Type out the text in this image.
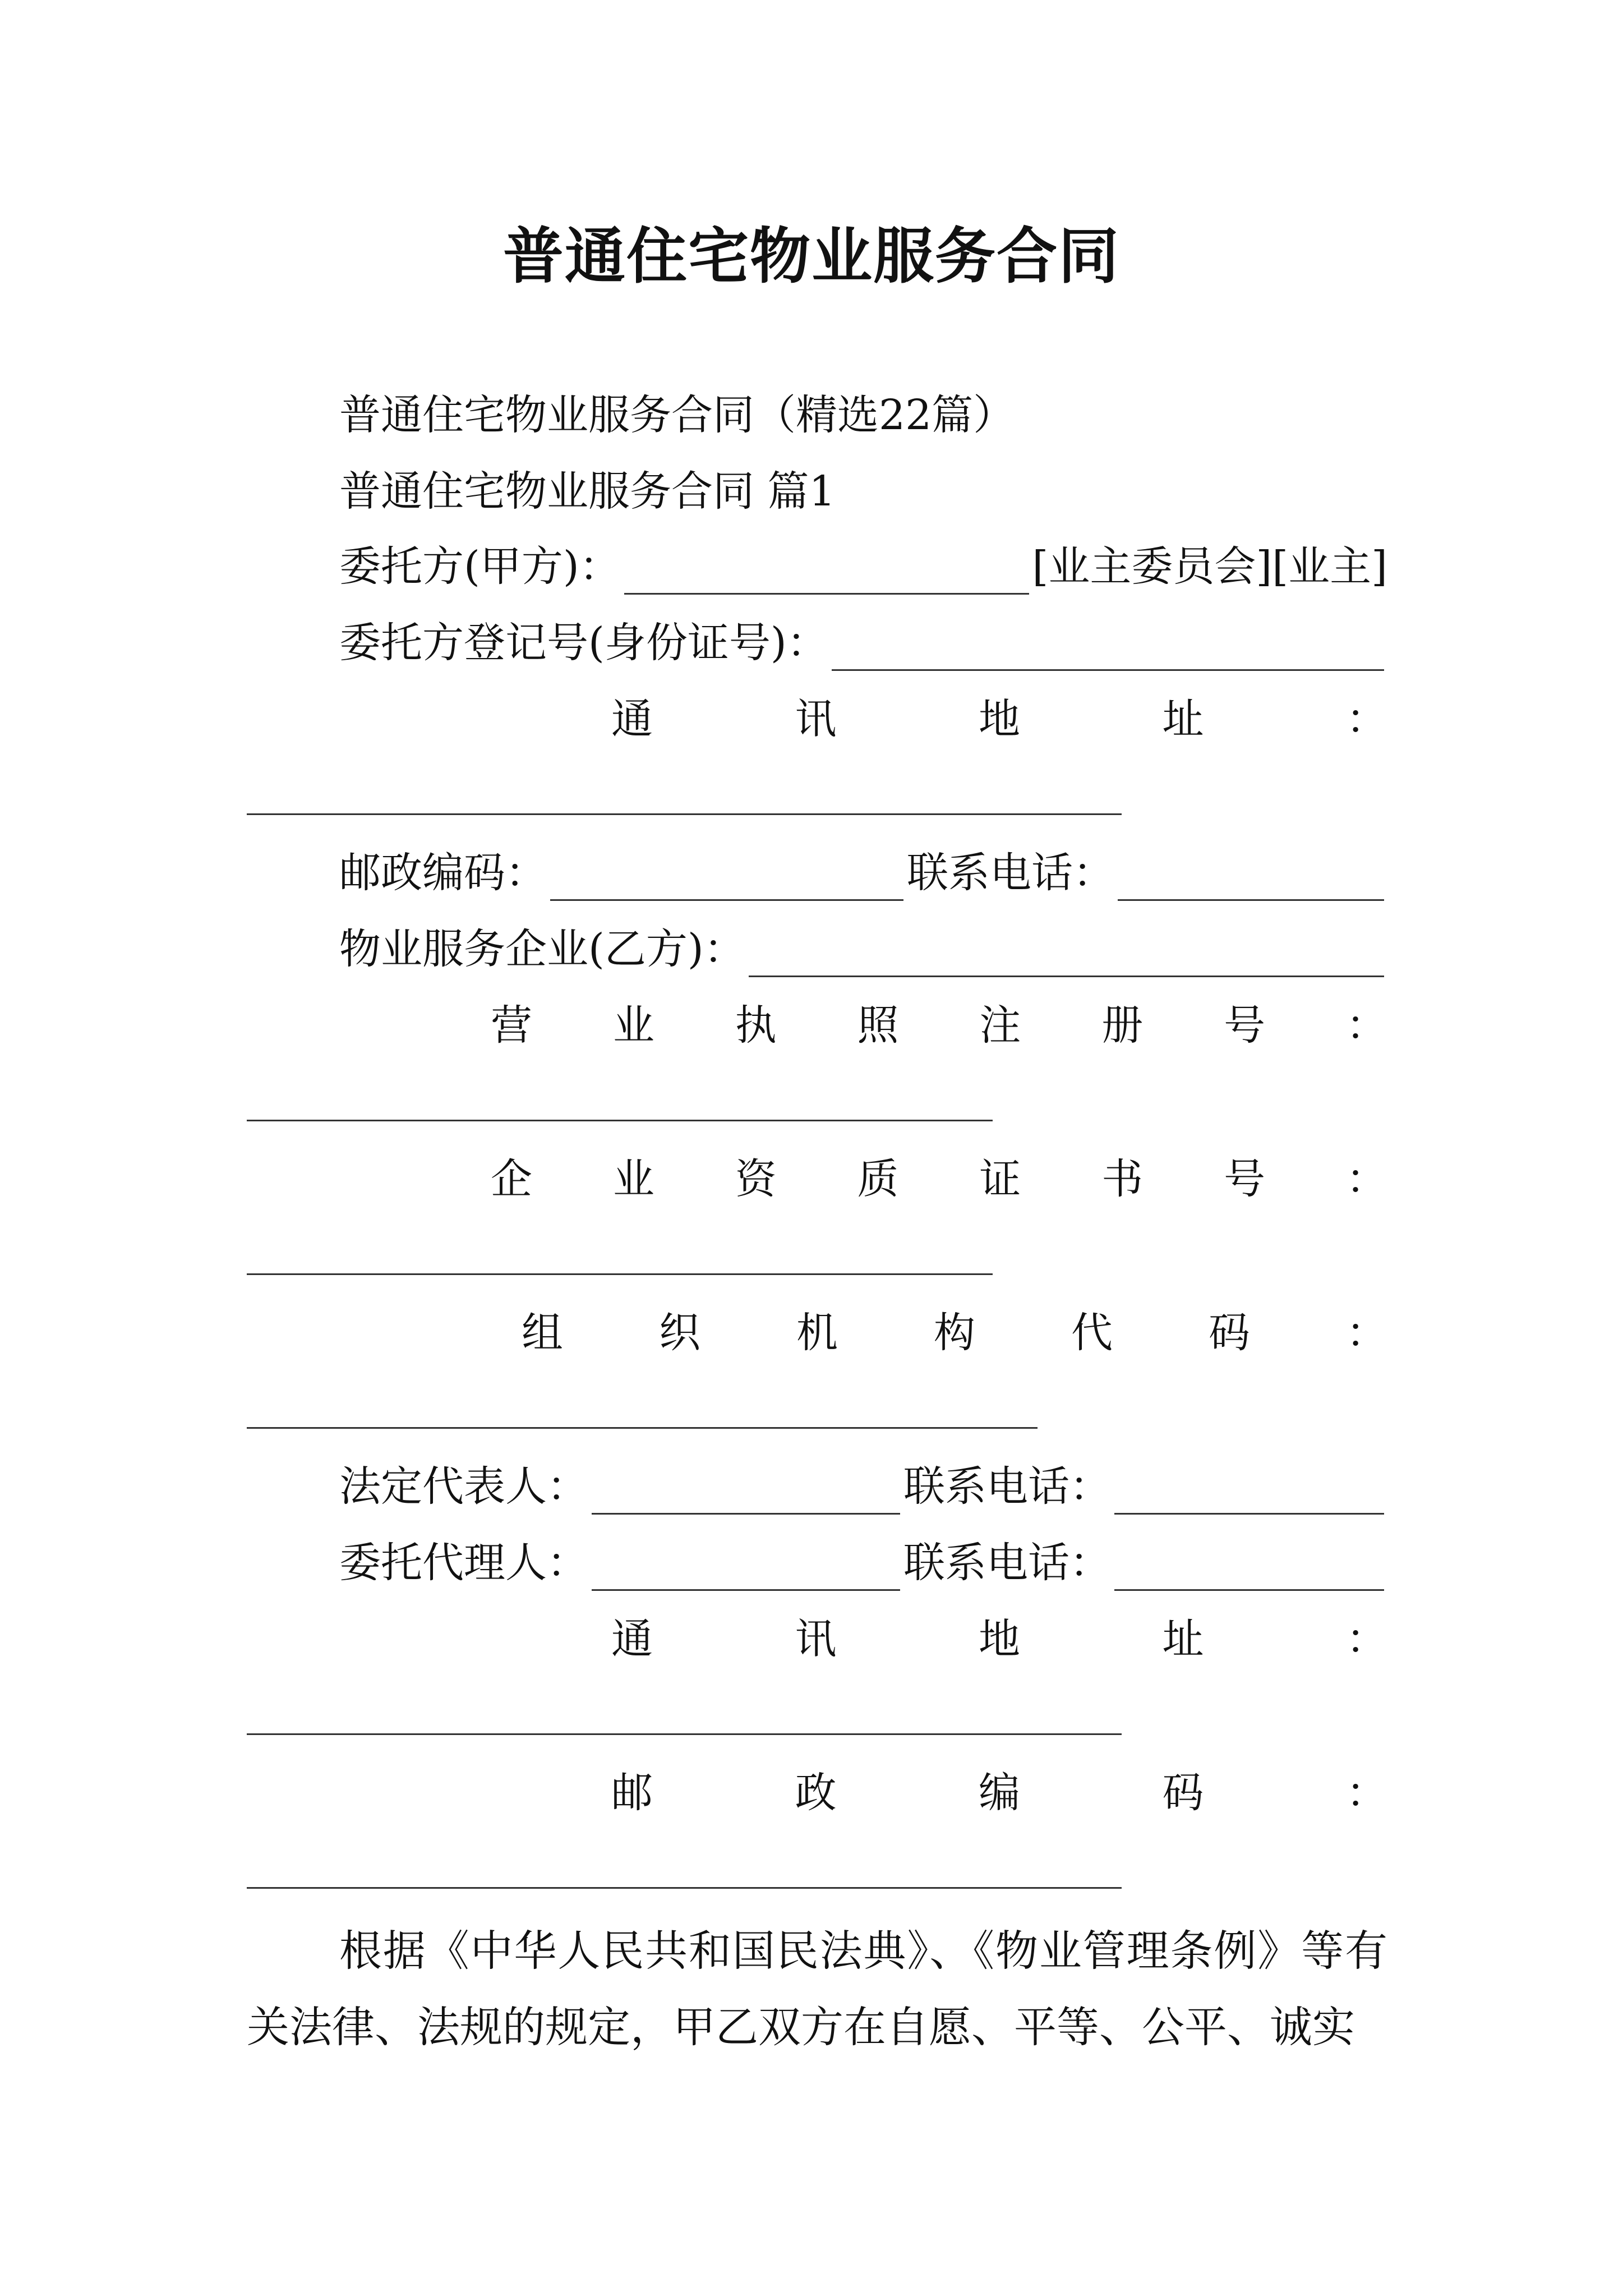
普通住宅物业服务合同
普通住宅物业服务合同（精选22篇）
普通住宅物业服务合同 篇1
委托方(甲方)：	[业主委员会][业主]
委托方登记号(身份证号)：
通	讯	地	址	：
邮政编码：	联系电话：
物业服务企业(乙方)：
营 业 执 照 注 册 号 ：
企 业 资 质 证 书 号 ：
组 织 机 构 代 码 ：
法定代表人：	联系电话：
委托代理人：	联系电话：
通	讯	地	址	：
邮	政	编	码	：
根据《中华人民共和国民法典》、《物业管理条例》等有关法律、法规的规定，甲乙双方在自愿、平等、公平、诚实
